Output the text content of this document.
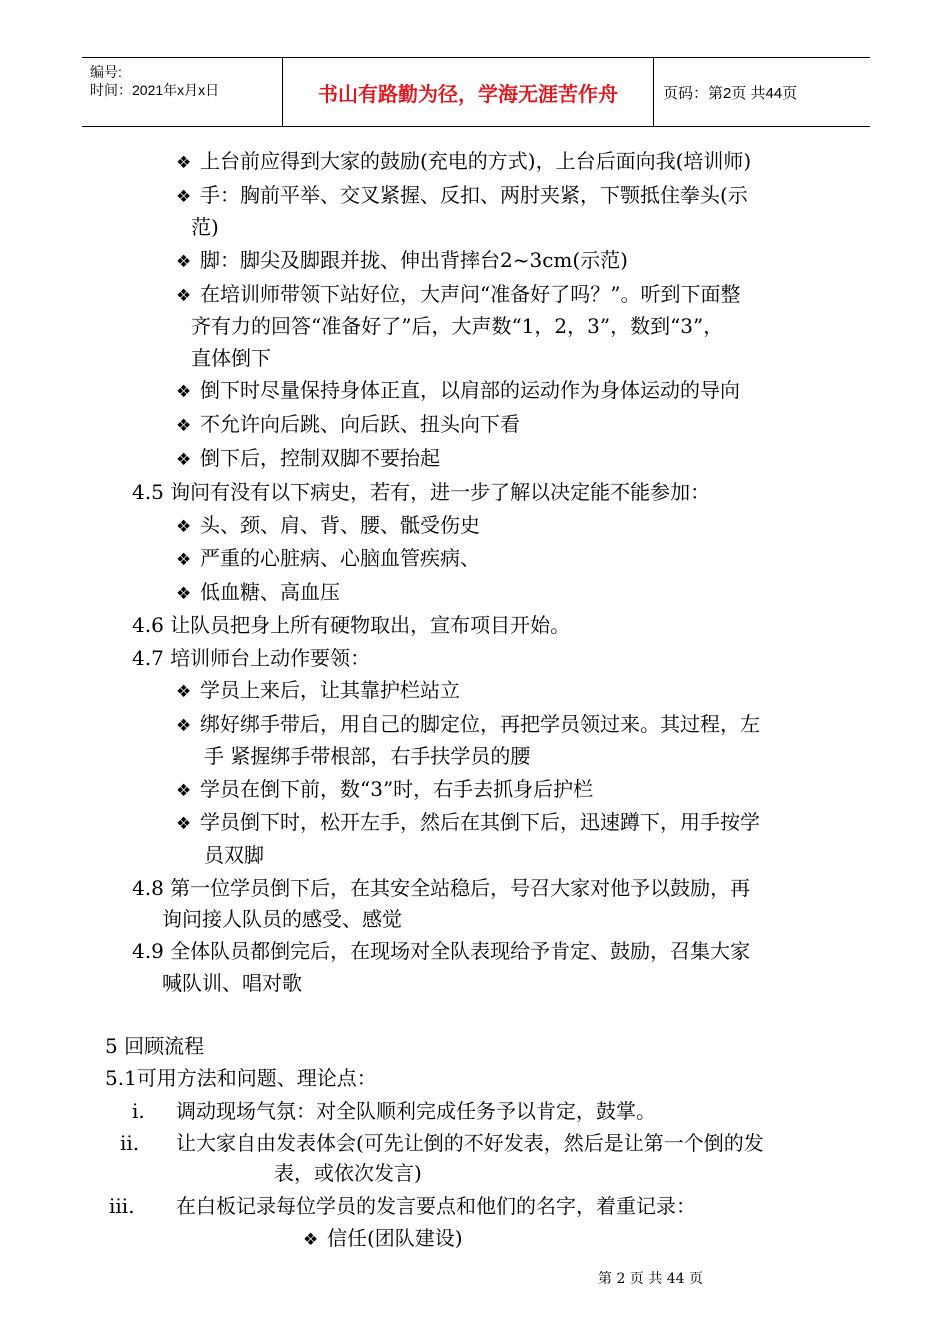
编号:
时间：2021年x月x日	书山有路勤为径，学海无涯苦作舟	页码：第2页 共44页
❖ 上台前应得到大家的鼓励(充电的方式)，上台后面向我(培训师)
❖ 手：胸前平举、交叉紧握、反扣、两肘夹紧，下颚抵住拳头(示
范)
❖ 脚：脚尖及脚跟并拢、伸出背摔台2~3cm(示范)
❖ 在培训师带领下站好位，大声问“准备好了吗？”。听到下面整
齐有力的回答“准备好了”后，大声数“1，2，3”，数到“3”，
直体倒下
❖ 倒下时尽量保持身体正直，以肩部的运动作为身体运动的导向
❖ 不允许向后跳、向后跃、扭头向下看
❖ 倒下后，控制双脚不要抬起
4.5 询问有没有以下病史，若有，进一步了解以决定能不能参加：
❖ 头、颈、肩、背、腰、骶受伤史
❖ 严重的心脏病、心脑血管疾病、
❖ 低血糖、高血压
4.6 让队员把身上所有硬物取出，宣布项目开始。
4.7 培训师台上动作要领：
❖ 学员上来后，让其靠护栏站立
❖ 绑好绑手带后，用自己的脚定位，再把学员领过来。其过程，左
手 紧握绑手带根部，右手扶学员的腰
❖ 学员在倒下前，数“3”时，右手去抓身后护栏
❖ 学员倒下时，松开左手，然后在其倒下后，迅速蹲下，用手按学
员双脚
4.8 第一位学员倒下后，在其安全站稳后，号召大家对他予以鼓励，再
询问接人队员的感受、感觉
4.9 全体队员都倒完后，在现场对全队表现给予肯定、鼓励，召集大家
喊队训、唱对歌
5 回顾流程
5.1可用方法和问题、理论点：
i. 调动现场气氛：对全队顺利完成任务予以肯定，鼓掌。
ii. 让大家自由发表体会(可先让倒的不好发表，然后是让第一个倒的发
表，或依次发言)
iii. 在白板记录每位学员的发言要点和他们的名字，着重记录：
❖ 信任(团队建设)
第 2 页 共 44 页
